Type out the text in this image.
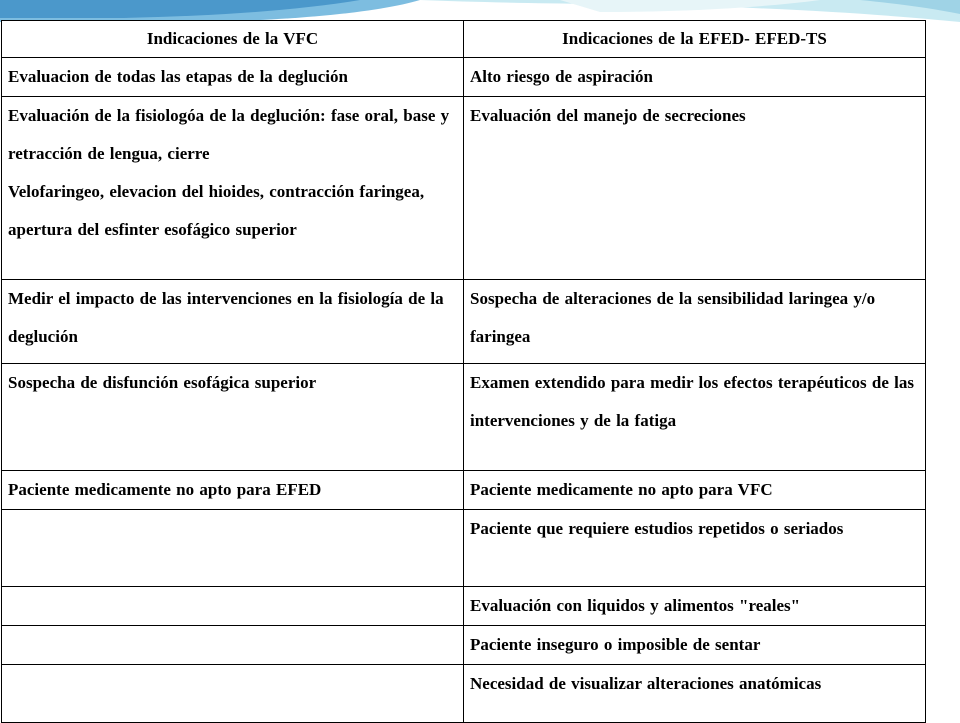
Indicaciones de la VFC	Indicaciones de la EFED- EFED-TS

Evaluacion de todas las etapas de la deglución	Alto riesgo de aspiración

Evaluación de la fisiologóa de la deglución: fase oral, base y retracción de lengua, cierre
Velofaringeo, elevacion del hioides, contracción faringea, apertura del esfinter esofágico superior	Evaluación del manejo de secreciones

Medir el impacto de las intervenciones en la fisiología de la deglución	Sospecha de alteraciones de la sensibilidad laringea y/o faringea

Sospecha de disfunción esofágica superior	Examen extendido para medir los efectos terapéuticos de las intervenciones y de la fatiga

Paciente medicamente no apto para EFED	Paciente medicamente no apto para VFC

	Paciente que requiere estudios repetidos o seriados

	Evaluación con liquidos y alimentos "reales"

	Paciente inseguro o imposible de sentar

	Necesidad de visualizar alteraciones anatómicas
